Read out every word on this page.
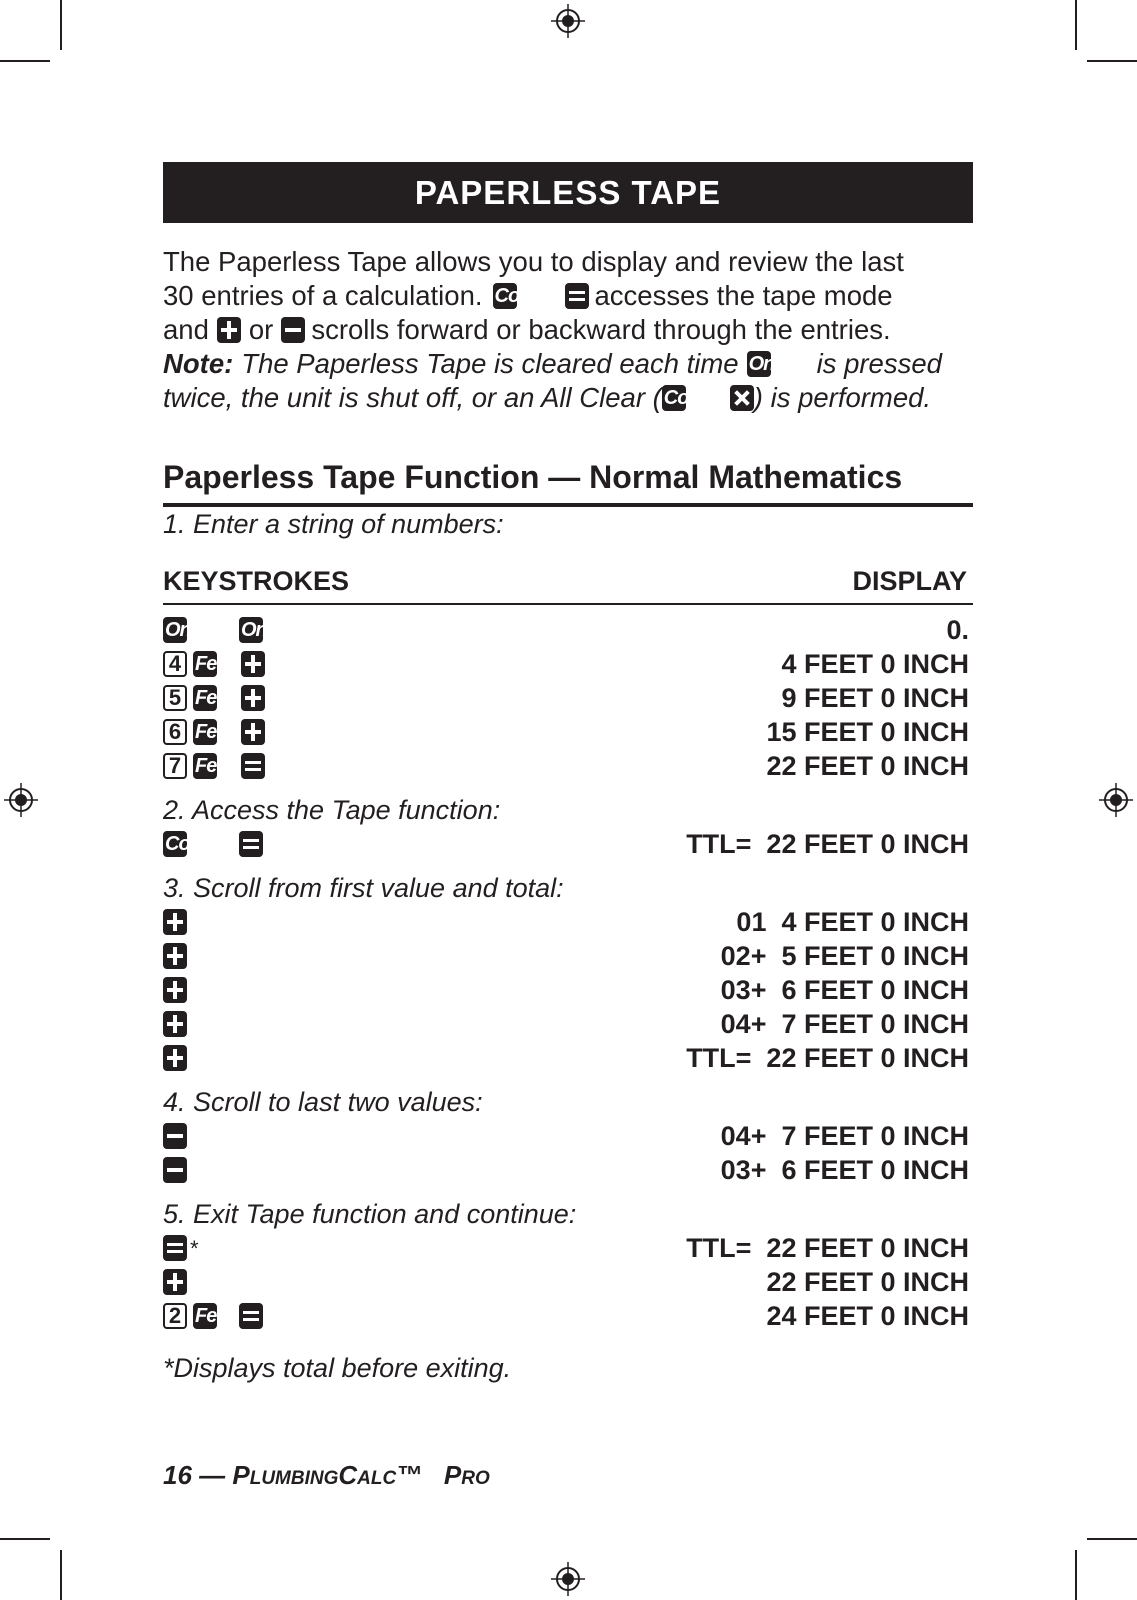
PAPERLESS TAPE
The Paperless Tape allows you to display and review the last
30 entries of a calculation. Co	accesses the tape mode
and or scrolls forward or backward through the entries.
Note: The Paperless Tape is cleared each time On is pressed
twice, the unit is shut off, or an All Clear ( Co ) is performed.
Paperless Tape Function — Normal Mathematics
1. Enter a string of numbers:
KEYSTROKES	DISPLAY
On	On	0.
4 Fee	4 FEET 0 INCH
5 Fee	9 FEET 0 INCH
6 Fee	15 FEET 0 INCH
7 Fee	22 FEET 0 INCH
2. Access the Tape function:
Co	TTL=  22 FEET 0 INCH
3. Scroll from first value and total:
01  4 FEET 0 INCH
02+  5 FEET 0 INCH
03+  6 FEET 0 INCH
04+  7 FEET 0 INCH
TTL=  22 FEET 0 INCH
4. Scroll to last two values:
04+  7 FEET 0 INCH
03+  6 FEET 0 INCH
5. Exit Tape function and continue:
*	TTL=  22 FEET 0 INCH
22 FEET 0 INCH
2 Fee	24 FEET 0 INCH
*Displays total before exiting.
16 — PLUMBINGCALC™ PRO
